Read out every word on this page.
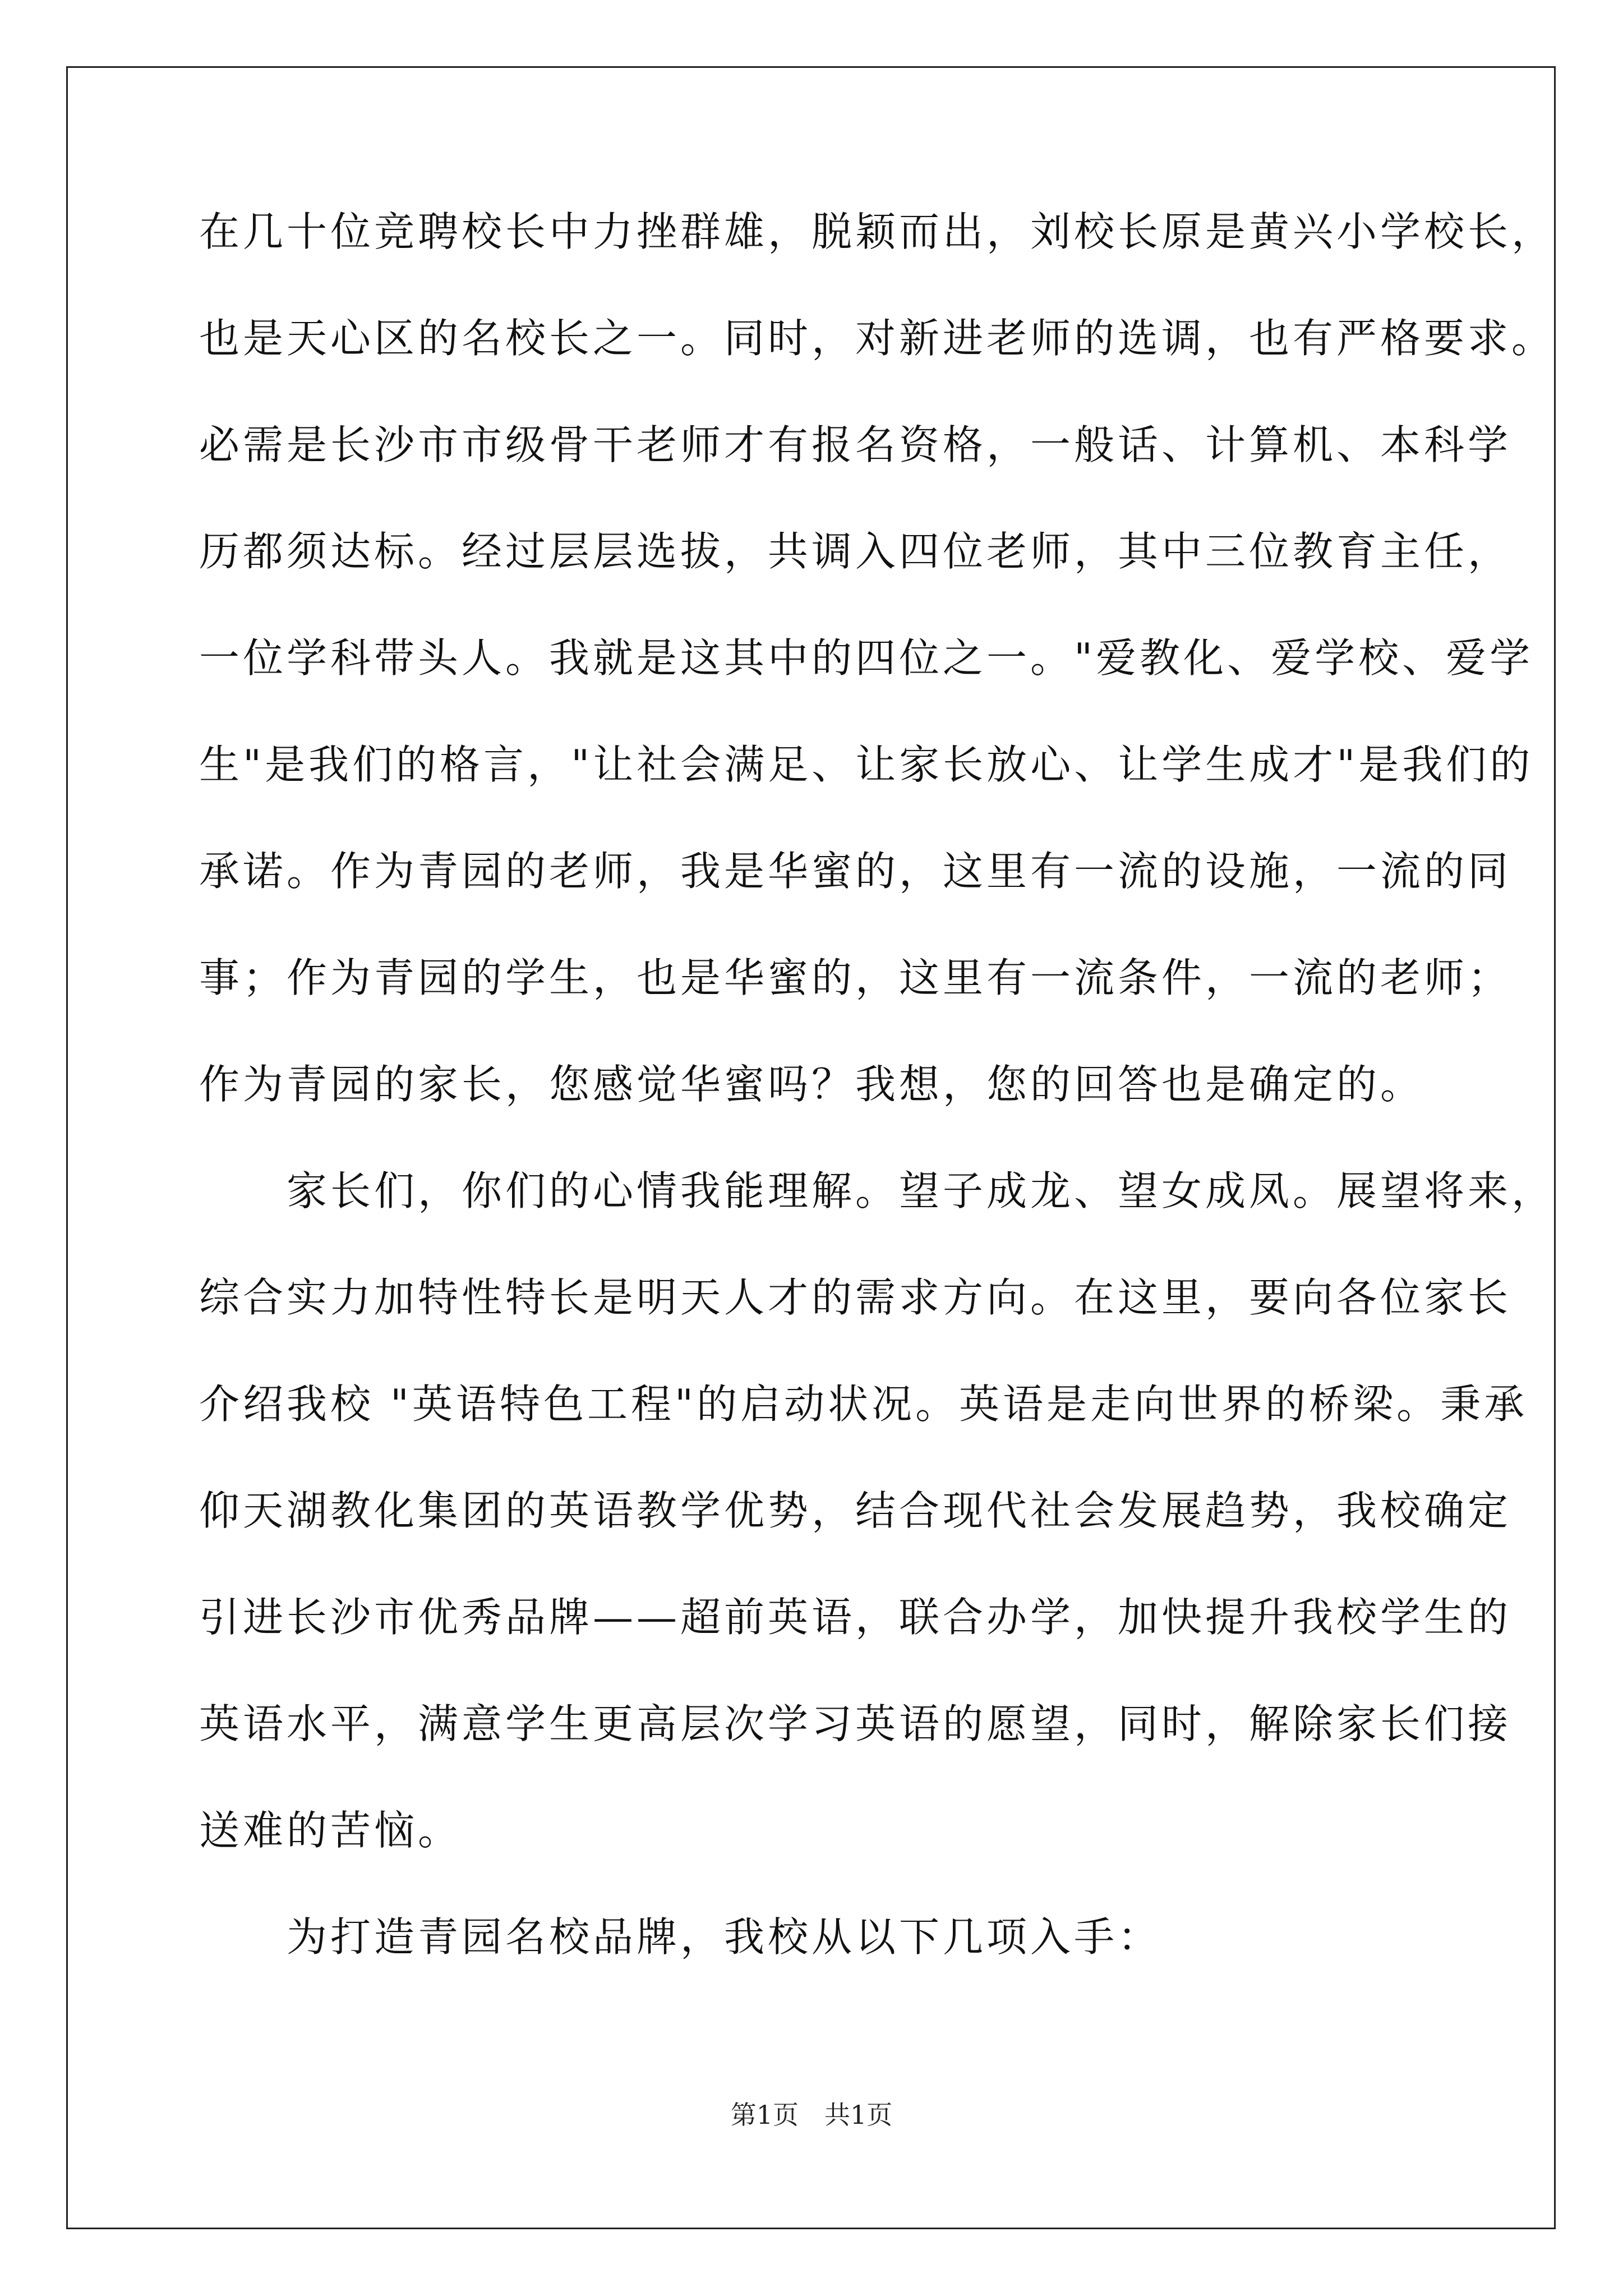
在几十位竞聘校长中力挫群雄，脱颖而出，刘校长原是黄兴小学校长，
也是天心区的名校长之一。同时，对新进老师的选调，也有严格要求。
必需是长沙市市级骨干老师才有报名资格，一般话、计算机、本科学
历都须达标。经过层层选拔，共调入四位老师，其中三位教育主任，
一位学科带头人。我就是这其中的四位之一。"爱教化、爱学校、爱学
生"是我们的格言，"让社会满足、让家长放心、让学生成才"是我们的
承诺。作为青园的老师，我是华蜜的，这里有一流的设施，一流的同
事；作为青园的学生，也是华蜜的，这里有一流条件，一流的老师；
作为青园的家长，您感觉华蜜吗？我想，您的回答也是确定的。
　　家长们，你们的心情我能理解。望子成龙、望女成凤。展望将来，
综合实力加特性特长是明天人才的需求方向。在这里，要向各位家长
介绍我校 "英语特色工程"的启动状况。英语是走向世界的桥梁。秉承
仰天湖教化集团的英语教学优势，结合现代社会发展趋势，我校确定
引进长沙市优秀品牌——超前英语，联合办学，加快提升我校学生的
英语水平，满意学生更高层次学习英语的愿望，同时，解除家长们接
送难的苦恼。
　　为打造青园名校品牌，我校从以下几项入手：
第1页　共1页
